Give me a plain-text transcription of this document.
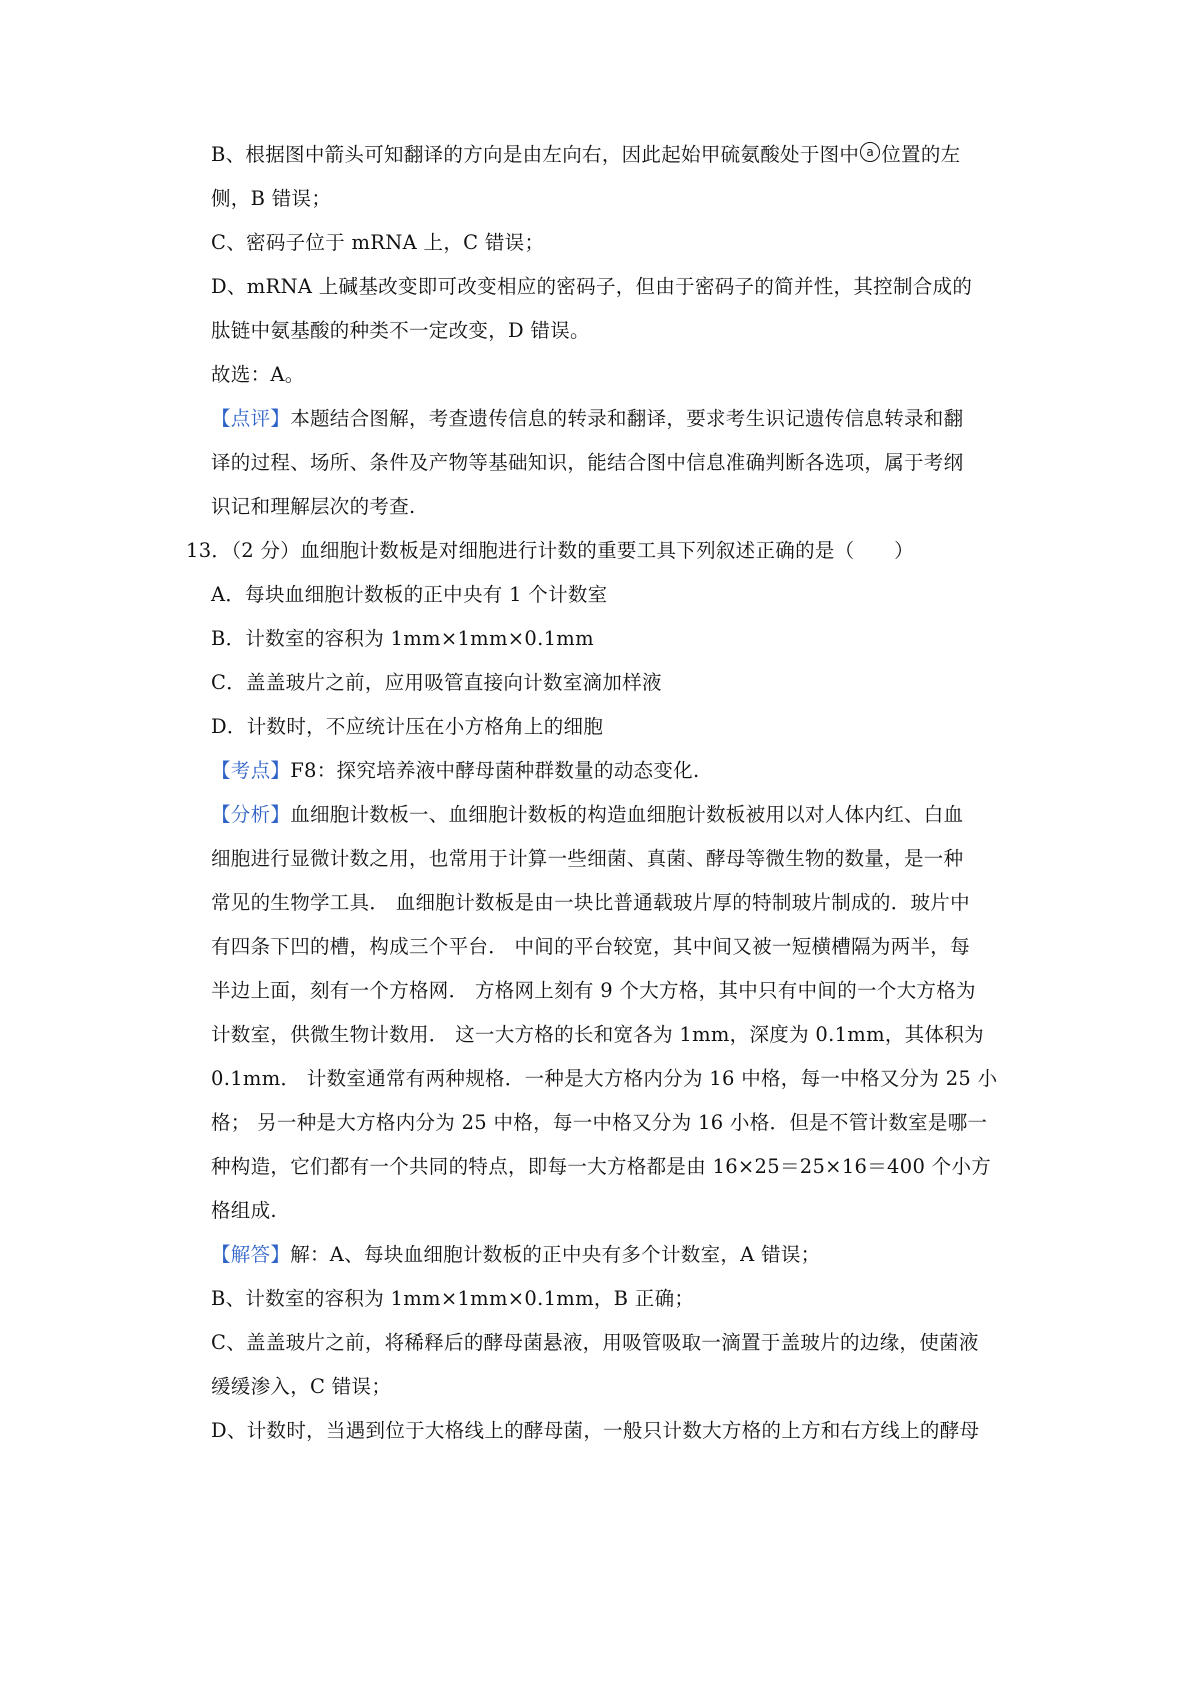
B、根据图中箭头可知翻译的方向是由左向右，因此起始甲硫氨酸处于图中 a 位置的左
侧，B 错误；
C、密码子位于 mRNA 上，C 错误；
D、mRNA 上碱基改变即可改变相应的密码子，但由于密码子的简并性，其控制合成的
肽链中氨基酸的种类不一定改变，D 错误。
故选：A。
【点评】本题结合图解，考查遗传信息的转录和翻译，要求考生识记遗传信息转录和翻
译的过程、场所、条件及产物等基础知识，能结合图中信息准确判断各选项，属于考纲
识记和理解层次的考查.
13．（2 分）血细胞计数板是对细胞进行计数的重要工具下列叙述正确的是（　　）
A．每块血细胞计数板的正中央有 1 个计数室
B．计数室的容积为 1mm×1mm×0.1mm
C．盖盖玻片之前，应用吸管直接向计数室滴加样液
D．计数时，不应统计压在小方格角上的细胞
【考点】F8：探究培养液中酵母菌种群数量的动态变化.
【分析】血细胞计数板一、血细胞计数板的构造血细胞计数板被用以对人体内红、白血
细胞进行显微计数之用，也常用于计算一些细菌、真菌、酵母等微生物的数量，是一种
常见的生物学工具． 血细胞计数板是由一块比普通载玻片厚的特制玻片制成的．玻片中
有四条下凹的槽，构成三个平台． 中间的平台较宽，其中间又被一短横槽隔为两半，每
半边上面，刻有一个方格网． 方格网上刻有 9 个大方格，其中只有中间的一个大方格为
计数室，供微生物计数用． 这一大方格的长和宽各为 1mm，深度为 0.1mm，其体积为
0.1mm． 计数室通常有两种规格．一种是大方格内分为 16 中格，每一中格又分为 25 小
格； 另一种是大方格内分为 25 中格，每一中格又分为 16 小格．但是不管计数室是哪一
种构造，它们都有一个共同的特点，即每一大方格都是由 16×25＝25×16＝400 个小方
格组成.
【解答】解：A、每块血细胞计数板的正中央有多个计数室，A 错误；
B、计数室的容积为 1mm×1mm×0.1mm，B 正确；
C、盖盖玻片之前，将稀释后的酵母菌悬液，用吸管吸取一滴置于盖玻片的边缘，使菌液
缓缓渗入，C 错误；
D、计数时，当遇到位于大格线上的酵母菌，一般只计数大方格的上方和右方线上的酵母
